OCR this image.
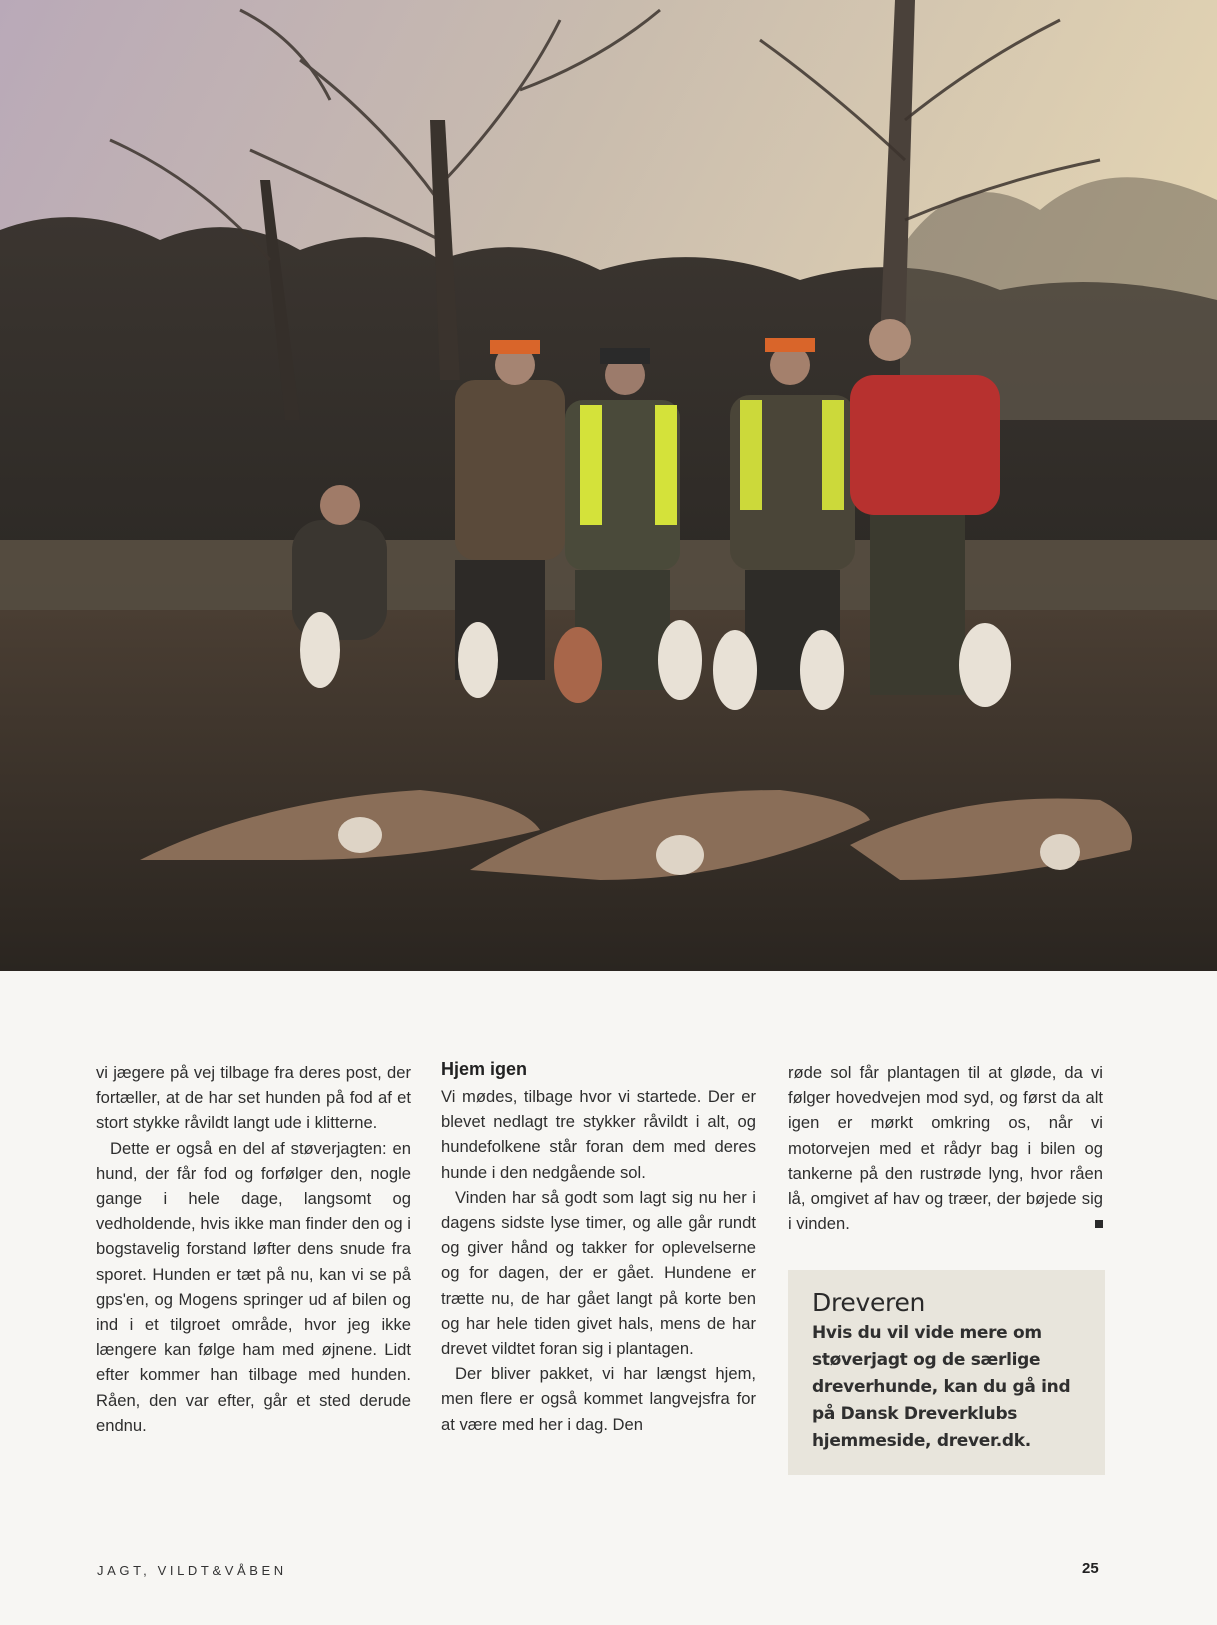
vi jægere på vej tilbage fra deres post, der fortæller, at de har set hunden på fod af et stort stykke råvildt langt ude i klitterne.

Dette er også en del af støverjagten: en hund, der får fod og forfølger den, nogle gange i hele dage, langsomt og vedholdende, hvis ikke man finder den og i bogstavelig forstand løfter dens snude fra sporet. Hunden er tæt på nu, kan vi se på gps'en, og Mogens springer ud af bilen og ind i et tilgroet område, hvor jeg ikke længere kan følge ham med øjnene. Lidt efter kommer han tilbage med hunden. Råen, den var efter, går et sted derude endnu.

Hjem igen

Vi mødes, tilbage hvor vi startede. Der er blevet nedlagt tre stykker råvildt i alt, og hundefolkene står foran dem med deres hunde i den nedgående sol.

Vinden har så godt som lagt sig nu her i dagens sidste lyse timer, og alle går rundt og giver hånd og takker for oplevelserne og for dagen, der er gået. Hundene er trætte nu, de har gået langt på korte ben og har hele tiden givet hals, mens de har drevet vildtet foran sig i plantagen.

Der bliver pakket, vi har længst hjem, men flere er også kommet langvejsfra for at være med her i dag. Den

røde sol får plantagen til at gløde, da vi følger hovedvejen mod syd, og først da alt igen er mørkt omkring os, når vi motorvejen med et rådyr bag i bilen og tankerne på den rustrøde lyng, hvor råen lå, omgivet af hav og træer, der bøjede sig i vinden.

Dreveren
Hvis du vil vide mere om støverjagt og de særlige dreverhunde, kan du gå ind på Dansk Dreverklubs hjemmeside, drever.dk.
JAGT, VILDT&VÅBEN	25
